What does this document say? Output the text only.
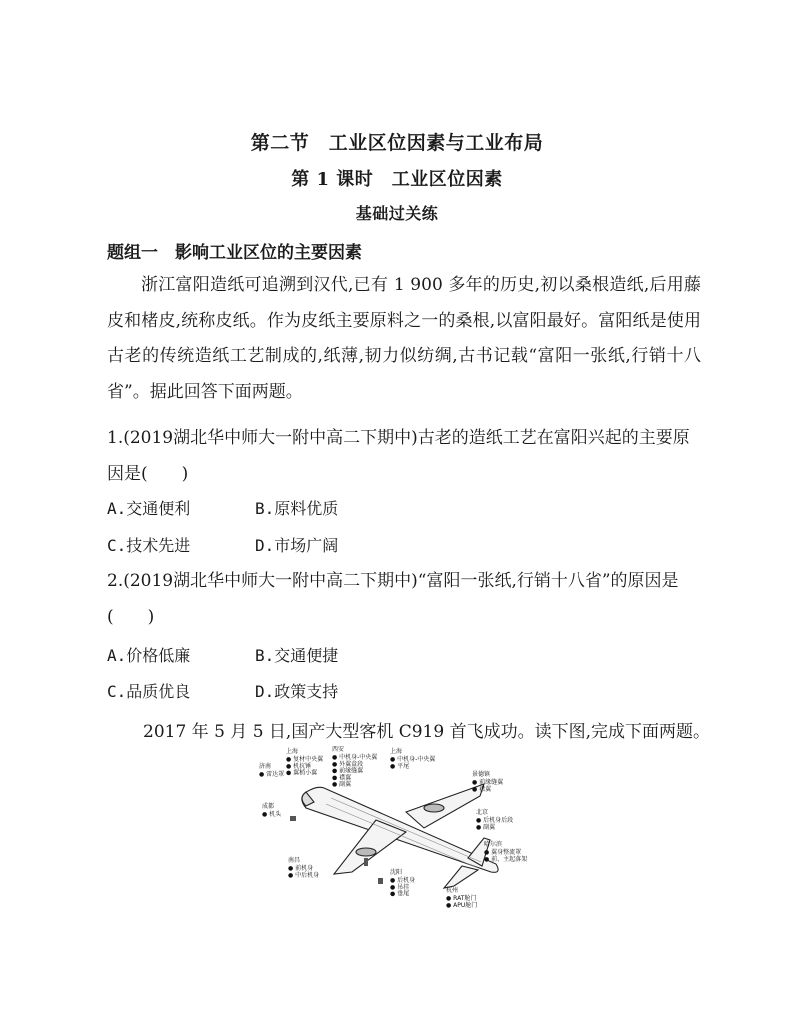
第二节　工业区位因素与工业布局
第 1 课时　工业区位因素
基础过关练
题组一　影响工业区位的主要因素
浙江富阳造纸可追溯到汉代,已有 1 900 多年的历史,初以桑根造纸,后用藤皮和楮皮,统称皮纸。作为皮纸主要原料之一的桑根,以富阳最好。富阳纸是使用古老的传统造纸工艺制成的,纸薄,韧力似纺绸,古书记载“富阳一张纸,行销十八省”。据此回答下面两题。
1.(2019湖北华中师大一附中高二下期中)古老的造纸工艺在富阳兴起的主要原因是(　　)
A.交通便利	B.原料优质
C.技术先进	D.市场广阔
2.(2019湖北华中师大一附中高二下期中)“富阳一张纸,行销十八省”的原因是(　　)
A.价格低廉	B.交通便捷
C.品质优良	D.政策支持
2017 年 5 月 5 日,国产大型客机 C919 首飞成功。读下图,完成下面两题。
济南
● 雷达罩
上海
● 复材中央翼● 机抗锤● 翼梢小翼
西安
● 中机身-中央翼● 外翼盒段● 前缘缝翼● 襟翼● 副翼
上海
● 中机身-中央翼● 平尾
景德镇
● 前缘缝翼● 襟翼
成都
● 机头	北京
● 后机身后段● 副翼
哈尔滨
● 翼身整流罩● 前、主起落架
南昌
● 前机身● 中后机身	沈阳
● 后机身● 吊挂● 垂尾
杭州
● RAT舱门● APU舱门
